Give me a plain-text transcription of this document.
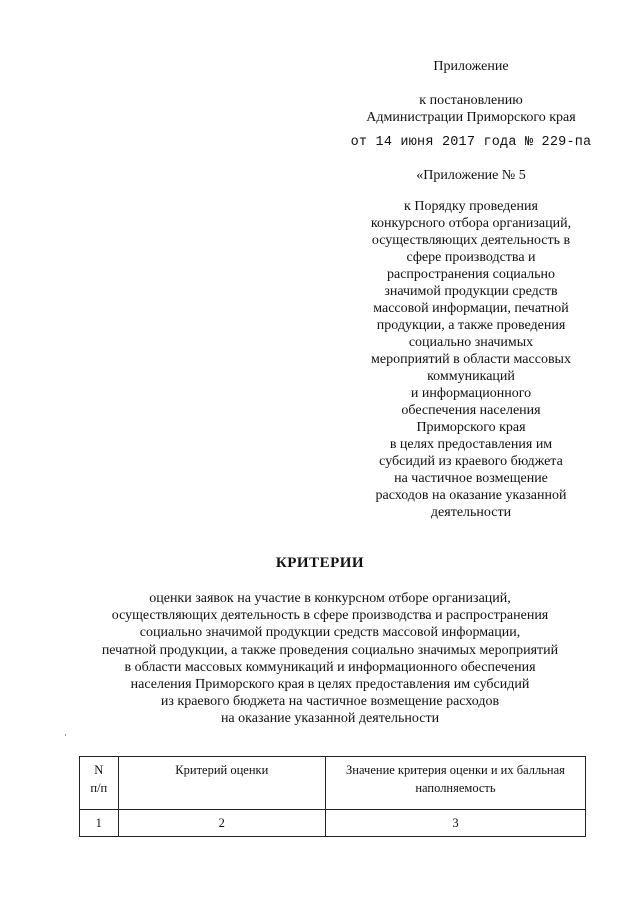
Приложение
к постановлению
Администрации Приморского края
от 14 июня 2017 года № 229-па
«Приложение № 5
к Порядку проведения
конкурсного отбора организаций,
осуществляющих деятельность в
сфере производства и
распространения социально
значимой продукции средств
массовой информации, печатной
продукции, а также проведения
социально значимых
мероприятий в области массовых
коммуникаций
и информационного
обеспечения населения
Приморского края
в целях предоставления им
субсидий из краевого бюджета
на частичное возмещение
расходов на оказание указанной
деятельности
КРИТЕРИИ
оценки заявок на участие в конкурсном отборе организаций,
осуществляющих деятельность в сфере производства и распространения
социально значимой продукции средств массовой информации,
печатной продукции, а также проведения социально значимых мероприятий
в области массовых коммуникаций и информационного обеспечения
населения Приморского края в целях предоставления им субсидий
из краевого бюджета на частичное возмещение расходов
на оказание указанной деятельности
N
п/п	Критерий оценки	Значение критерия оценки и их балльная
наполняемость

1	2	3
